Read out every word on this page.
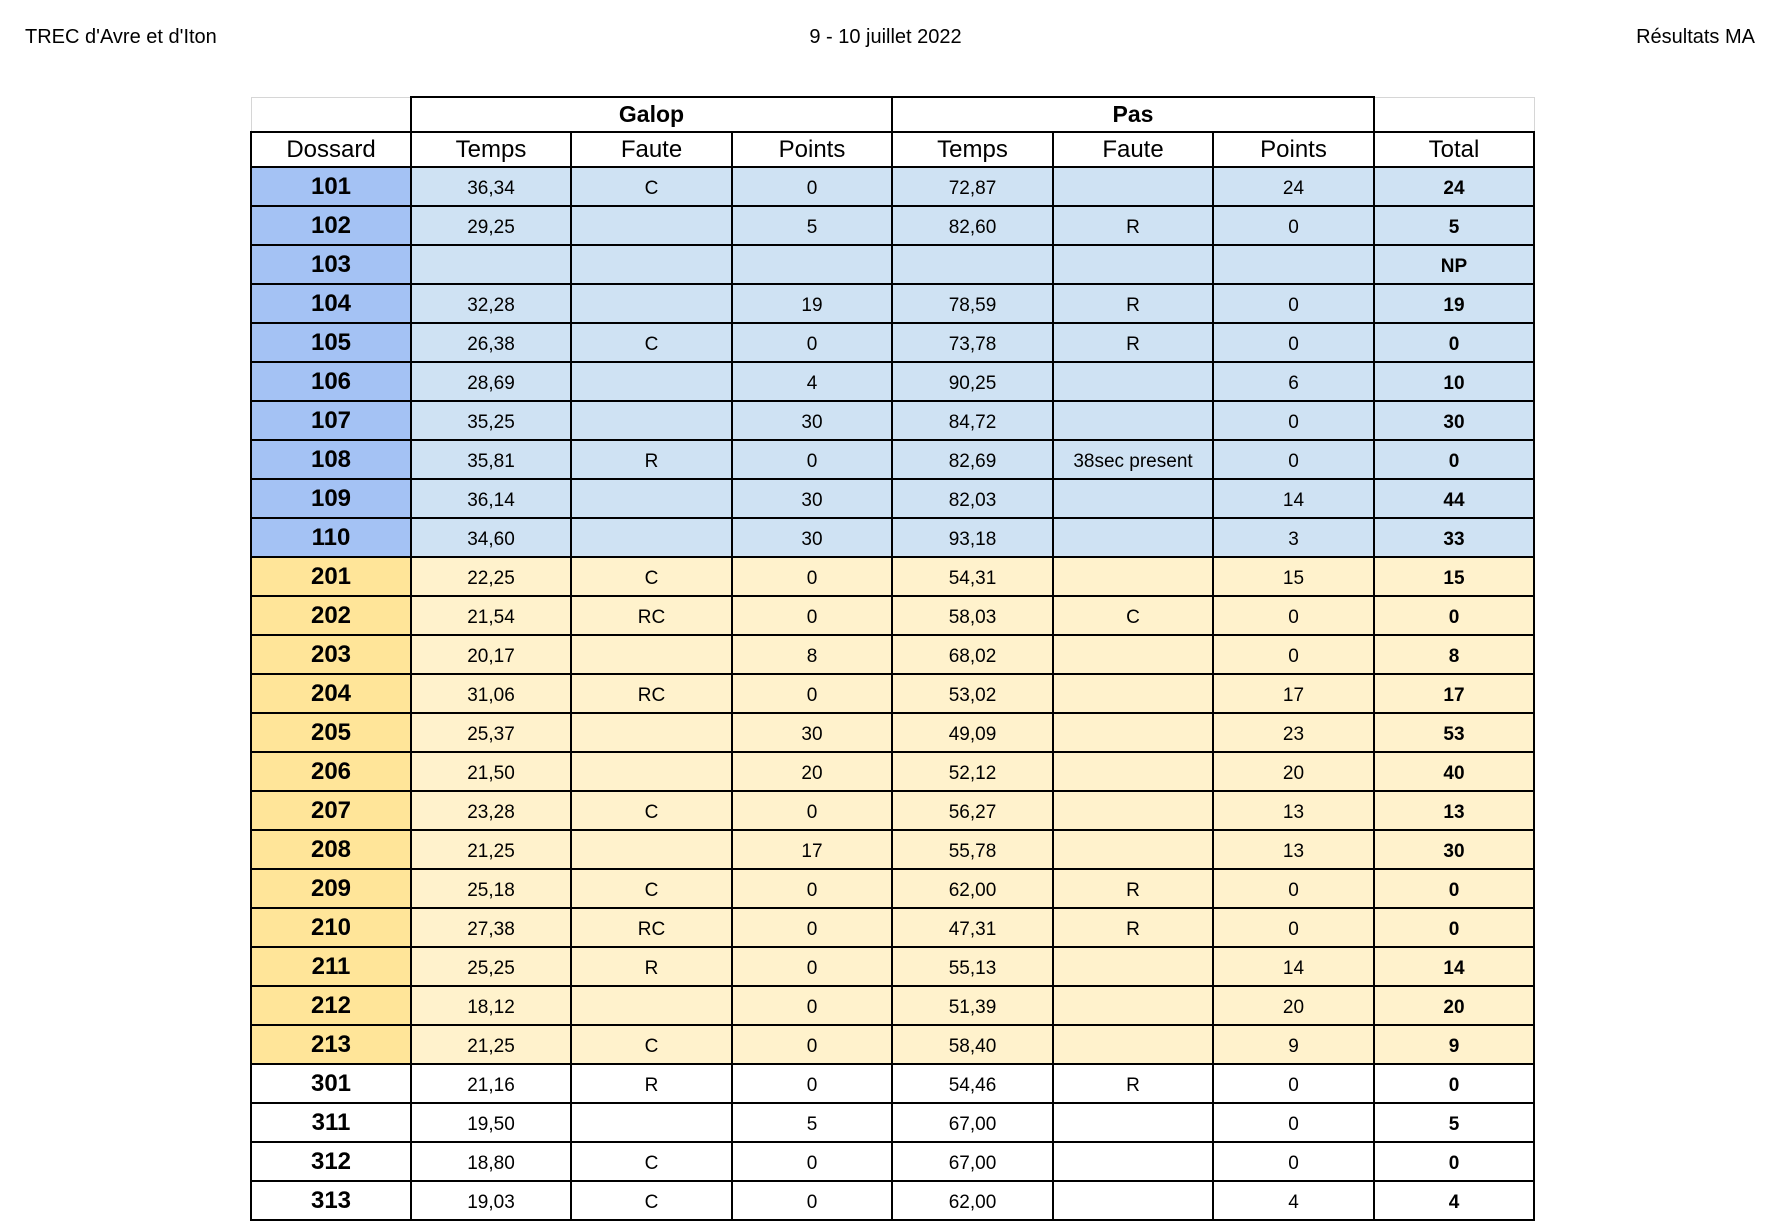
TREC d'Avre et d'Iton	9 - 10 juillet 2022	Résultats MA
	Galop			Pas			
Dossard	Temps	Faute	Points	Temps	Faute	Points	Total
101	36,34	C	0	72,87		24	24
102	29,25		5	82,60	R	0	5
103							NP
104	32,28		19	78,59	R	0	19
105	26,38	C	0	73,78	R	0	0
106	28,69		4	90,25		6	10
107	35,25		30	84,72		0	30
108	35,81	R	0	82,69	38sec present	0	0
109	36,14		30	82,03		14	44
110	34,60		30	93,18		3	33
201	22,25	C	0	54,31		15	15
202	21,54	RC	0	58,03	C	0	0
203	20,17		8	68,02		0	8
204	31,06	RC	0	53,02		17	17
205	25,37		30	49,09		23	53
206	21,50		20	52,12		20	40
207	23,28	C	0	56,27		13	13
208	21,25		17	55,78		13	30
209	25,18	C	0	62,00	R	0	0
210	27,38	RC	0	47,31	R	0	0
211	25,25	R	0	55,13		14	14
212	18,12		0	51,39		20	20
213	21,25	C	0	58,40		9	9
301	21,16	R	0	54,46	R	0	0
311	19,50		5	67,00		0	5
312	18,80	C	0	67,00		0	0
313	19,03	C	0	62,00		4	4
